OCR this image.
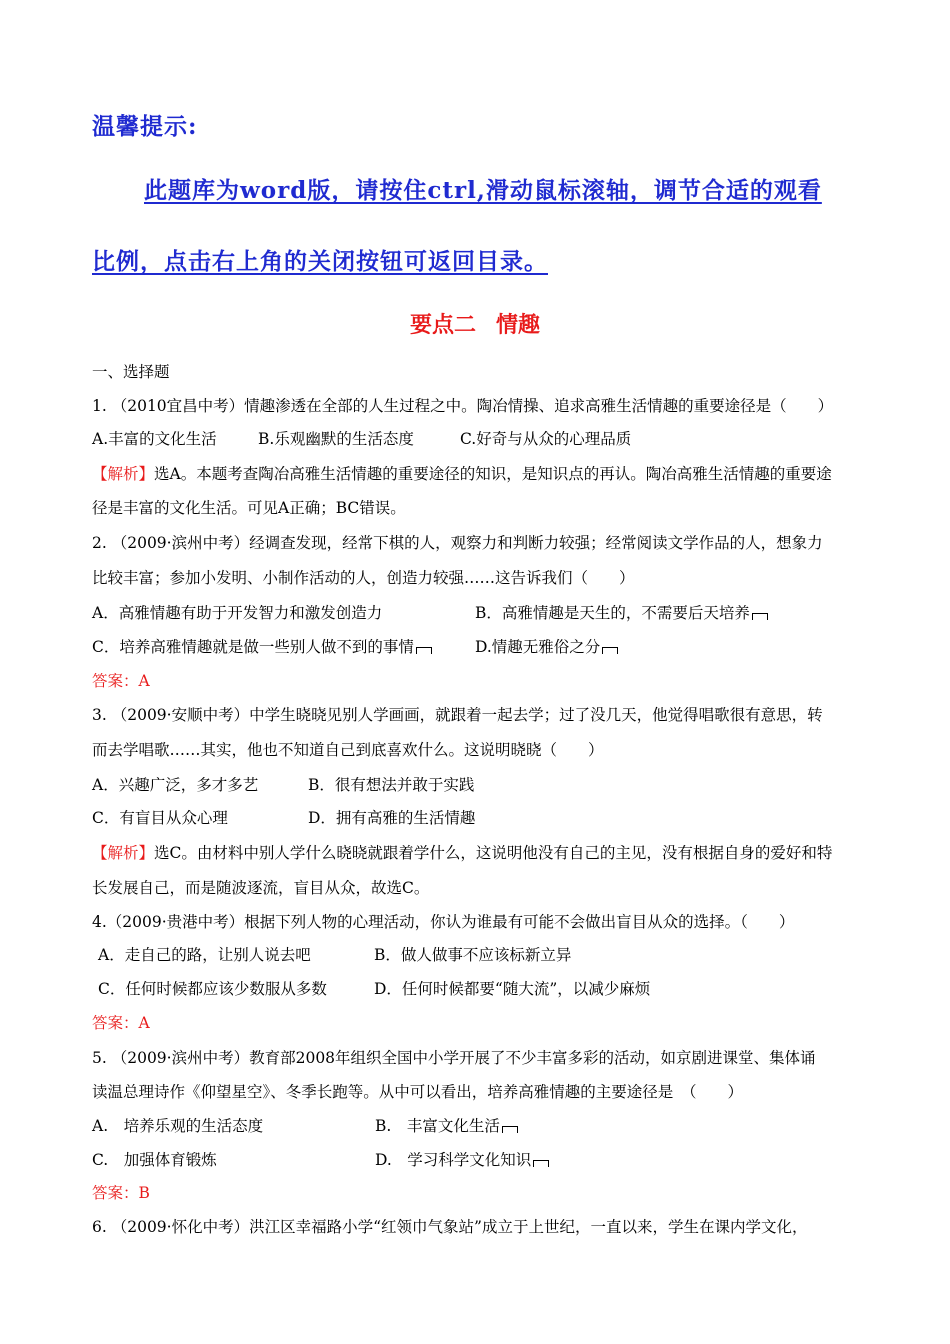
温馨提示:
此题库为word版，请按住ctrl,滑动鼠标滚轴，调节合适的观看
比例，点击右上角的关闭按钮可返回目录。
要点二 情趣
一、选择题
1. （2010宜昌中考）情趣渗透在全部的人生过程之中。陶冶情操、追求高雅生活情趣的重要途径是（　　）
A.丰富的文化生活	B.乐观幽默的生活态度	C.好奇与从众的心理品质
【解析】选A。本题考查陶冶高雅生活情趣的重要途径的知识，是知识点的再认。陶冶高雅生活情趣的重要途
径是丰富的文化生活。可见A正确；BC错误。
2. （2009·滨州中考）经调查发现，经常下棋的人，观察力和判断力较强；经常阅读文学作品的人，想象力
比较丰富；参加小发明、小制作活动的人，创造力较强……这告诉我们（　　）
A．高雅情趣有助于开发智力和激发创造力	B．高雅情趣是天生的，不需要后天培养
C．培养高雅情趣就是做一些别人做不到的事情	D.情趣无雅俗之分
答案：A
3. （2009·安顺中考）中学生晓晓见别人学画画，就跟着一起去学；过了没几天，他觉得唱歌很有意思，转
而去学唱歌……其实，他也不知道自己到底喜欢什么。这说明晓晓（　　）
A．兴趣广泛，多才多艺	B．很有想法并敢于实践
C．有盲目从众心理	D．拥有高雅的生活情趣
【解析】选C。由材料中别人学什么晓晓就跟着学什么，这说明他没有自己的主见，没有根据自身的爱好和特
长发展自己，而是随波逐流，盲目从众，故选C。
4.（2009·贵港中考）根据下列人物的心理活动，你认为谁最有可能不会做出盲目从众的选择。（　　）
A．走自己的路，让别人说去吧	B．做人做事不应该标新立异
C．任何时候都应该少数服从多数	D．任何时候都要“随大流”，以减少麻烦
答案：A
5. （2009·滨州中考）教育部2008年组织全国中小学开展了不少丰富多彩的活动，如京剧进课堂、集体诵
读温总理诗作《仰望星空》、冬季长跑等。从中可以看出，培养高雅情趣的主要途径是　（　　）
A.　培养乐观的生活态度	B.　丰富文化生活
C.　加强体育锻炼	D.　学习科学文化知识
答案：B
6. （2009·怀化中考）洪江区幸福路小学“红领巾气象站”成立于上世纪，一直以来，学生在课内学文化，
